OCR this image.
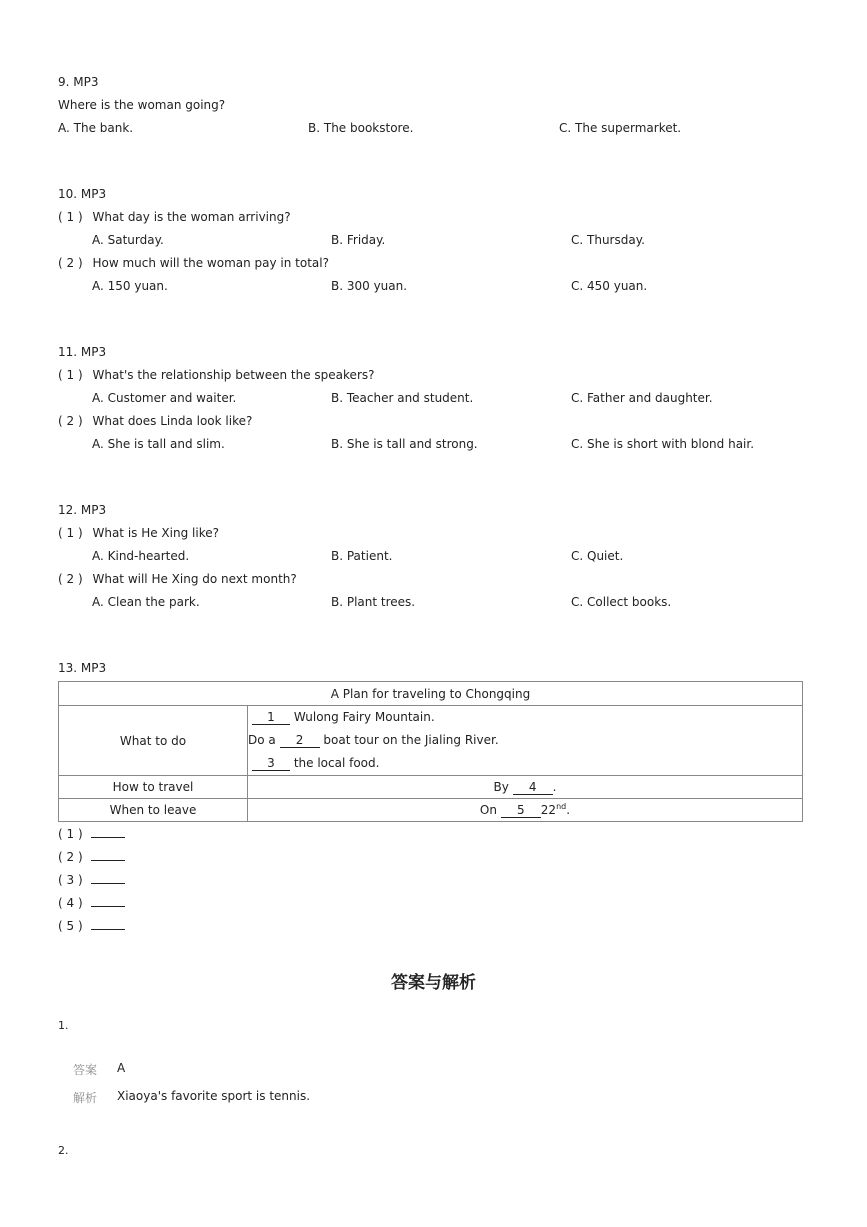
9. MP3
Where is the woman going?
A. The bank.	B. The bookstore.	C. The supermarket.
10. MP3
( 1 ) What day is the woman arriving?
A. Saturday.	B. Friday.	C. Thursday.
( 2 ) How much will the woman pay in total?
A. 150 yuan.	B. 300 yuan.	C. 450 yuan.
11. MP3
( 1 ) What's the relationship between the speakers?
A. Customer and waiter.	B. Teacher and student.	C. Father and daughter.
( 2 ) What does Linda look like?
A. She is tall and slim.	B. She is tall and strong.	C. She is short with blond hair.
12. MP3
( 1 ) What is He Xing like?
A. Kind-hearted.	B. Patient.	C. Quiet.
( 2 ) What will He Xing do next month?
A. Clean the park.	B. Plant trees.	C. Collect books.
13. MP3
A Plan for traveling to Chongqing	
What to do	1 Wulong Fairy Mountain.
Do a 2 boat tour on the Jialing River.
3 the local food.

How to travel	By 4 .
When to leave	On 5 22nd.
( 1 )
( 2 )
( 3 )
( 4 )
( 5 )
答案与解析
1.
答案 A
解析 Xiaoya's favorite sport is tennis.
2.
